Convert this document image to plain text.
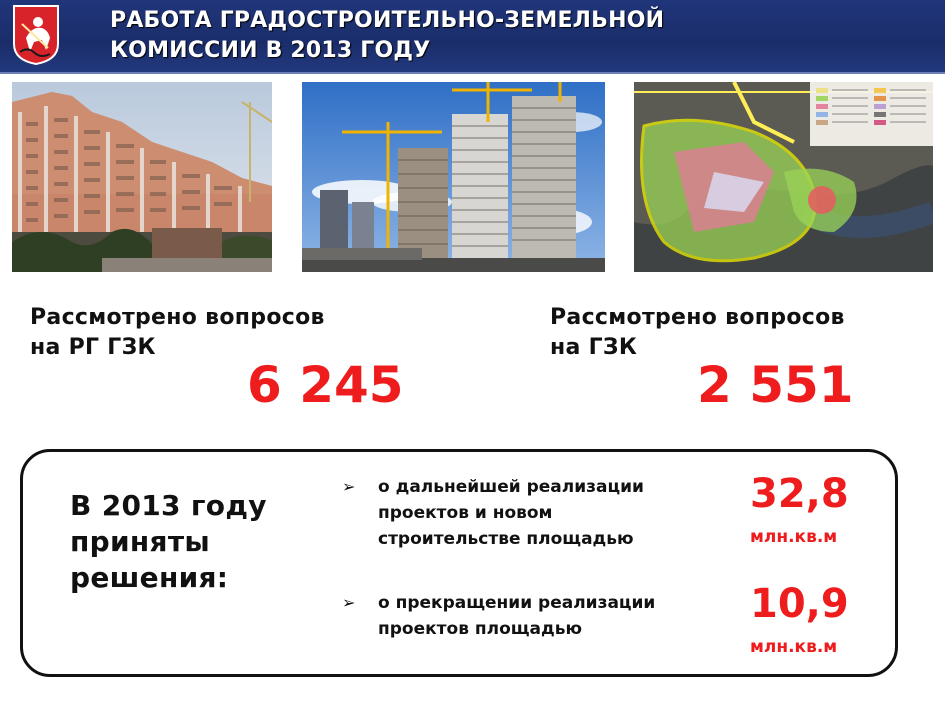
РАБОТА ГРАДОСТРОИТЕЛЬНО-ЗЕМЕЛЬНОЙ
КОМИССИИ В 2013 ГОДУ
Рассмотрено вопросов
на РГ ГЗК
6 245
Рассмотрено вопросов
на ГЗК
2 551
В 2013 году
приняты
решения:
➢ о дальнейшей реализации
проектов и новом
строительстве площадью
32,8
млн.кв.м
➢ о прекращении реализации
проектов площадью
10,9
млн.кв.м
